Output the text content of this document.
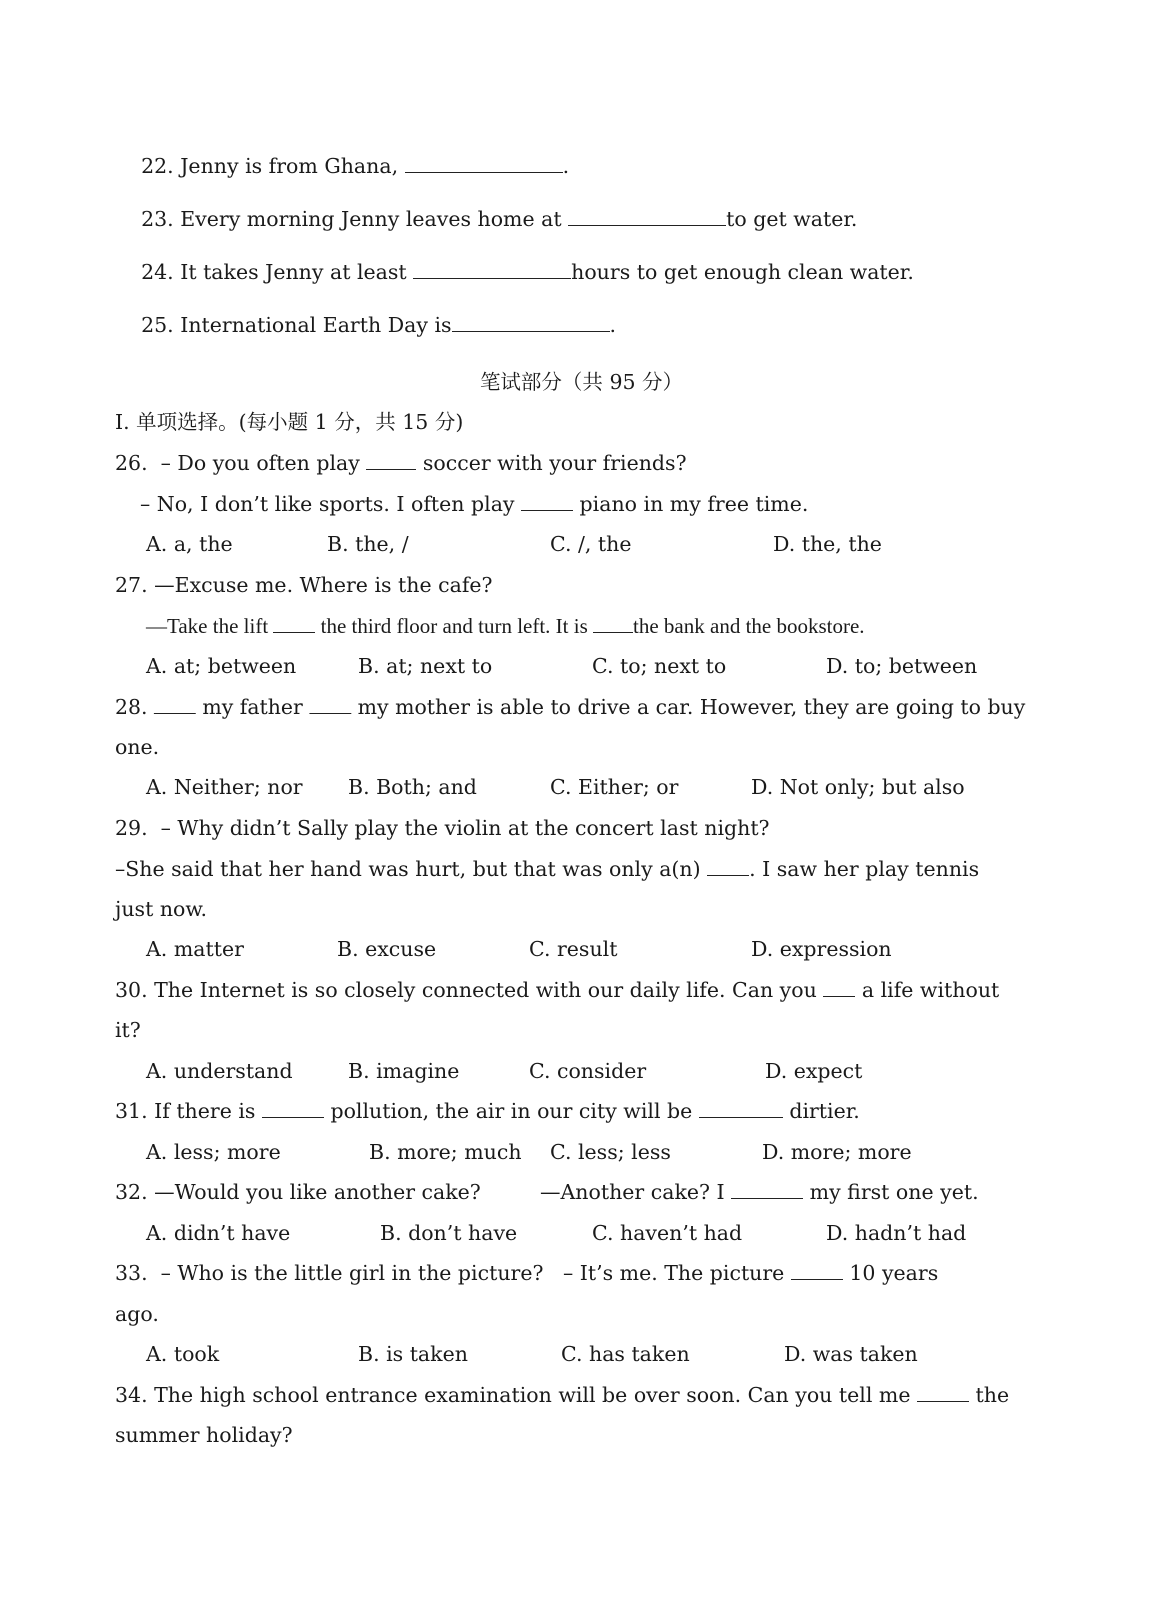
22. Jenny is from Ghana,	.

23. Every morning Jenny leaves home at	to get water.

24. It takes Jenny at least	hours to get enough clean water.

25. International Earth Day is	.

笔试部分（共 95 分）
I. 单项选择。(每小题 1 分，共 15 分)
26.  – Do you often play  soccer with your friends?
– No, I don’t like sports. I often play	piano in my free time.
A. a, the	B. the, /	C. /, the	D. the, the
27. —Excuse me. Where is the cafe?
—Take the lift  the third floor and turn left. It is the bank and the bookstore.
A. at; between	B. at; next to	C. to; next to	D. to; between
28.  my father  my mother is able to drive a car. However, they are going to buy
one.
A. Neither; nor B. Both; and	C. Either; or	D. Not only; but also
29.  – Why didn’t Sally play the violin at the concert last night?
–She said that her hand was hurt, but that was only a(n) . I saw her play tennis
just now.
A. matter	B. excuse	C. result	D. expression
30. The Internet is so closely connected with our daily life. Can you  a life without
it?
A. understand	B. imagine	C. consider	D. expect
31. If there is	pollution, the air in our city will be	dirtier.
A. less; more	B. more; much C. less; less	D. more; more
32. —Would you like another cake?	—Another cake? I	my first one yet.
A. didn’t have	B. don’t have	C. haven’t had	D. hadn’t had
33.  – Who is the little girl in the picture?   – It’s me. The picture	10 years
ago.
A. took	B. is taken	C. has taken	D. was taken
34. The high school entrance examination will be over soon. Can you tell me	the
summer holiday?
